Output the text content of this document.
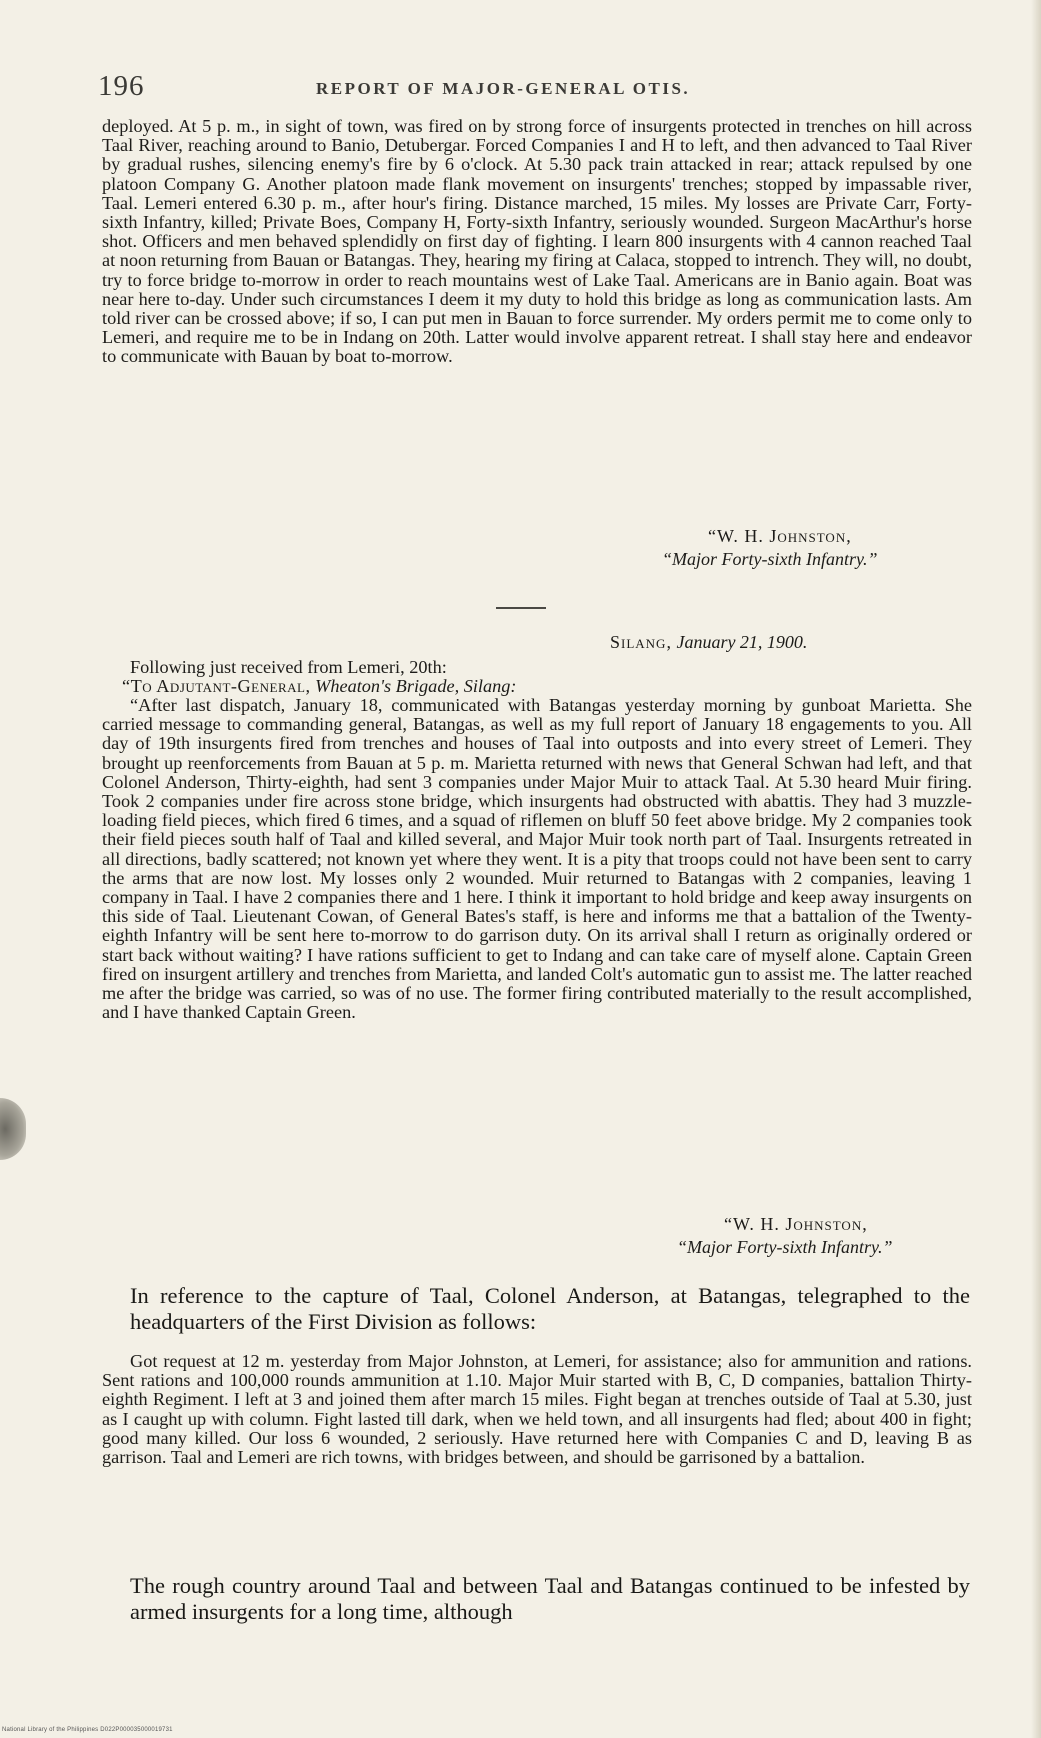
196	REPORT OF MAJOR-GENERAL OTIS.

deployed. At 5 p. m., in sight of town, was fired on by strong force of insurgents protected in trenches on hill across Taal River, reaching around to Banio, Detubergar. Forced Companies I and H to left, and then advanced to Taal River by gradual rushes, silencing enemy's fire by 6 o'clock. At 5.30 pack train attacked in rear; attack repulsed by one platoon Company G. Another platoon made flank movement on insurgents' trenches; stopped by impassable river, Taal. Lemeri entered 6.30 p. m., after hour's firing. Distance marched, 15 miles. My losses are Private Carr, Forty-sixth Infantry, killed; Private Boes, Company H, Forty-sixth Infantry, seriously wounded. Surgeon MacArthur's horse shot. Officers and men behaved splendidly on first day of fighting. I learn 800 insurgents with 4 cannon reached Taal at noon returning from Bauan or Batangas. They, hearing my firing at Calaca, stopped to intrench. They will, no doubt, try to force bridge to-morrow in order to reach mountains west of Lake Taal. Americans are in Banio again. Boat was near here to-day. Under such circumstances I deem it my duty to hold this bridge as long as communication lasts. Am told river can be crossed above; if so, I can put men in Bauan to force surrender. My orders permit me to come only to Lemeri, and require me to be in Indang on 20th. Latter would involve apparent retreat. I shall stay here and endeavor to communicate with Bauan by boat to-morrow.

“W. H. Johnston,
“Major Forty-sixth Infantry.”
Silang, January 21, 1900.

Following just received from Lemeri, 20th:

“To Adjutant-General, Wheaton's Brigade, Silang:

“After last dispatch, January 18, communicated with Batangas yesterday morning by gunboat Marietta. She carried message to commanding general, Batangas, as well as my full report of January 18 engagements to you. All day of 19th insurgents fired from trenches and houses of Taal into outposts and into every street of Lemeri. They brought up reenforcements from Bauan at 5 p. m. Marietta returned with news that General Schwan had left, and that Colonel Anderson, Thirty-eighth, had sent 3 companies under Major Muir to attack Taal. At 5.30 heard Muir firing. Took 2 companies under fire across stone bridge, which insurgents had obstructed with abattis. They had 3 muzzle-loading field pieces, which fired 6 times, and a squad of riflemen on bluff 50 feet above bridge. My 2 companies took their field pieces south half of Taal and killed several, and Major Muir took north part of Taal. Insurgents retreated in all directions, badly scattered; not known yet where they went. It is a pity that troops could not have been sent to carry the arms that are now lost. My losses only 2 wounded. Muir returned to Batangas with 2 companies, leaving 1 company in Taal. I have 2 companies there and 1 here. I think it important to hold bridge and keep away insurgents on this side of Taal. Lieutenant Cowan, of General Bates's staff, is here and informs me that a battalion of the Twenty-eighth Infantry will be sent here to-morrow to do garrison duty. On its arrival shall I return as originally ordered or start back without waiting? I have rations sufficient to get to Indang and can take care of myself alone. Captain Green fired on insurgent artillery and trenches from Marietta, and landed Colt's automatic gun to assist me. The latter reached me after the bridge was carried, so was of no use. The former firing contributed materially to the result accomplished, and I have thanked Captain Green.

“W. H. Johnston,
“Major Forty-sixth Infantry.”

In reference to the capture of Taal, Colonel Anderson, at Batangas, telegraphed to the headquarters of the First Division as follows:

Got request at 12 m. yesterday from Major Johnston, at Lemeri, for assistance; also for ammunition and rations. Sent rations and 100,000 rounds ammunition at 1.10. Major Muir started with B, C, D companies, battalion Thirty-eighth Regiment. I left at 3 and joined them after march 15 miles. Fight began at trenches outside of Taal at 5.30, just as I caught up with column. Fight lasted till dark, when we held town, and all insurgents had fled; about 400 in fight; good many killed. Our loss 6 wounded, 2 seriously. Have returned here with Companies C and D, leaving B as garrison. Taal and Lemeri are rich towns, with bridges between, and should be garrisoned by a battalion.

The rough country around Taal and between Taal and Batangas continued to be infested by armed insurgents for a long time, although

National Library of the Philippines D022P000035000019731
